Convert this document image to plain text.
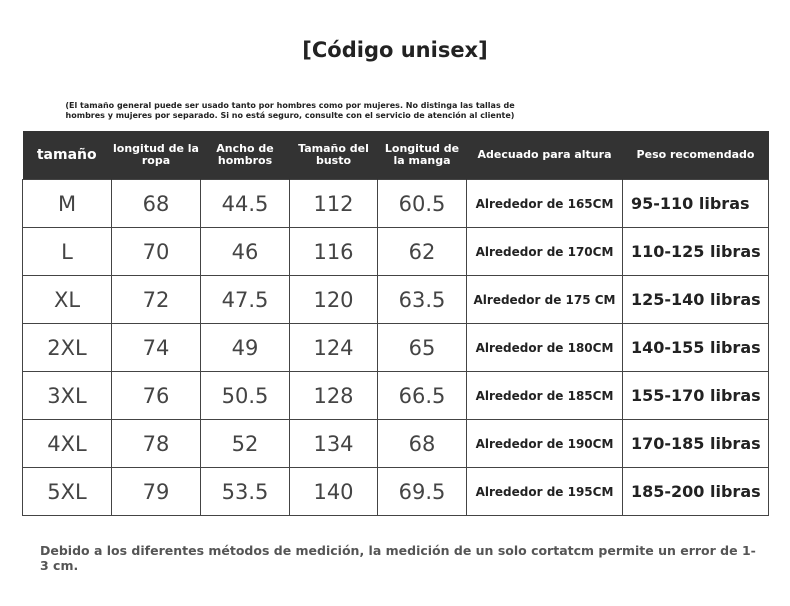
[Código unisex]
(El tamaño general puede ser usado tanto por hombres como por mujeres. No distinga las tallas de hombres y mujeres por separado. Si no está seguro, consulte con el servicio de atención al cliente)
tamaño	longitud de la ropa	Ancho de hombros	Tamaño del busto	Longitud de la manga	Adecuado para altura	Peso recomendado
M	68	44.5	112	60.5	Alrededor de 165CM	95-110 libras
L	70	46	116	62	Alrededor de 170CM	110-125 libras
XL	72	47.5	120	63.5	Alrededor de 175 CM	125-140 libras
2XL	74	49	124	65	Alrededor de 180CM	140-155 libras
3XL	76	50.5	128	66.5	Alrededor de 185CM	155-170 libras
4XL	78	52	134	68	Alrededor de 190CM	170-185 libras
5XL	79	53.5	140	69.5	Alrededor de 195CM	185-200 libras
Debido a los diferentes métodos de medición, la medición de un solo cortatcm permite un error de 1-3 cm.
